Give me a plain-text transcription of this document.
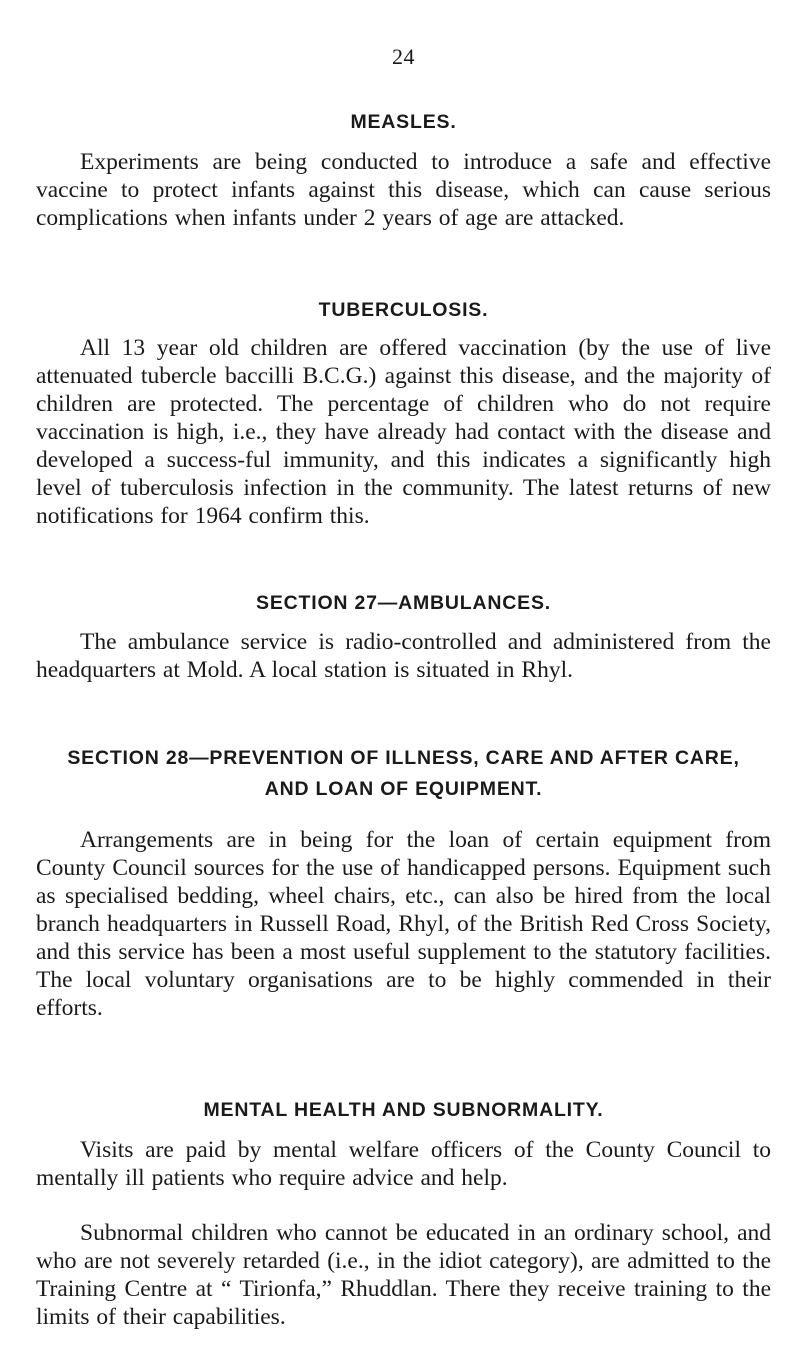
24
MEASLES.

Experiments are being conducted to introduce a safe and effective vaccine to protect infants against this disease, which can cause serious complications when infants under 2 years of age are attacked.

TUBERCULOSIS.

All 13 year old children are offered vaccination (by the use of live attenuated tubercle baccilli B.C.G.) against this disease, and the majority of children are protected. The percentage of children who do not require vaccination is high, i.e., they have already had contact with the disease and developed a success-ful immunity, and this indicates a significantly high level of tuberculosis infection in the community. The latest returns of new notifications for 1964 confirm this.

SECTION 27—AMBULANCES.

The ambulance service is radio-controlled and administered from the headquarters at Mold. A local station is situated in Rhyl.

SECTION 28—PREVENTION OF ILLNESS, CARE AND AFTER CARE, AND LOAN OF EQUIPMENT.

Arrangements are in being for the loan of certain equipment from County Council sources for the use of handicapped persons. Equipment such as specialised bedding, wheel chairs, etc., can also be hired from the local branch headquarters in Russell Road, Rhyl, of the British Red Cross Society, and this service has been a most useful supplement to the statutory facilities. The local voluntary organisations are to be highly commended in their efforts.

MENTAL HEALTH AND SUBNORMALITY.

Visits are paid by mental welfare officers of the County Council to mentally ill patients who require advice and help.

Subnormal children who cannot be educated in an ordinary school, and who are not severely retarded (i.e., in the idiot category), are admitted to the Training Centre at “ Tirionfa,” Rhuddlan. There they receive training to the limits of their capabilities.
